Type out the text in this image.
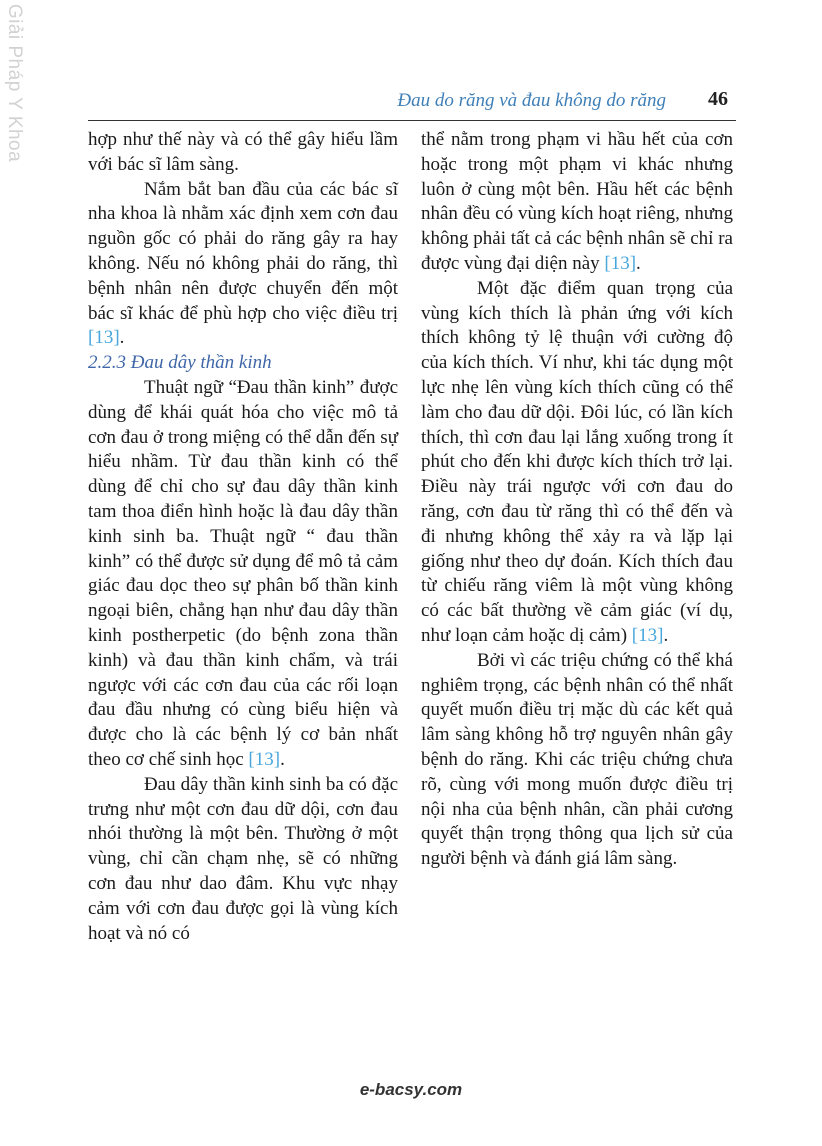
Giải Pháp Y Khoa	Đau do răng và đau không do răng 46

hợp như thế này và có thể gây hiểu lầm với bác sĩ lâm sàng.

Nắm bắt ban đầu của các bác sĩ nha khoa là nhằm xác định xem cơn đau nguồn gốc có phải do răng gây ra hay không. Nếu nó không phải do răng, thì bệnh nhân nên được chuyển đến một bác sĩ khác để phù hợp cho việc điều trị [13].

2.2.3 Đau dây thần kinh

Thuật ngữ “Đau thần kinh” được dùng để khái quát hóa cho việc mô tả cơn đau ở trong miệng có thể dẫn đến sự hiểu nhầm. Từ đau thần kinh có thể dùng để chỉ cho sự đau dây thần kinh tam thoa điển hình hoặc là đau dây thần kinh sinh ba. Thuật ngữ “ đau thần kinh” có thể được sử dụng để mô tả cảm giác đau dọc theo sự phân bố thần kinh ngoại biên, chẳng hạn như đau dây thần kinh postherpetic (do bệnh zona thần kinh) và đau thần kinh chẩm, và trái ngược với các cơn đau của các rối loạn đau đầu nhưng có cùng biểu hiện và được cho là các bệnh lý cơ bản nhất theo cơ chế sinh học [13].

Đau dây thần kinh sinh ba có đặc trưng như một cơn đau dữ dội, cơn đau nhói thường là một bên. Thường ở một vùng, chỉ cần chạm nhẹ, sẽ có những cơn đau như dao đâm. Khu vực nhạy cảm với cơn đau được gọi là vùng kích hoạt và nó có

thể nằm trong phạm vi hầu hết của cơn hoặc trong một phạm vi khác nhưng luôn ở cùng một bên. Hầu hết các bệnh nhân đều có vùng kích hoạt riêng, nhưng không phải tất cả các bệnh nhân sẽ chỉ ra được vùng đại diện này [13].

Một đặc điểm quan trọng của vùng kích thích là phản ứng với kích thích không tỷ lệ thuận với cường độ của kích thích. Ví như, khi tác dụng một lực nhẹ lên vùng kích thích cũng có thể làm cho đau dữ dội. Đôi lúc, có lần kích thích, thì cơn đau lại lắng xuống trong ít phút cho đến khi được kích thích trở lại. Điều này trái ngược với cơn đau do răng, cơn đau từ răng thì có thể đến và đi nhưng không thể xảy ra và lặp lại giống như theo dự đoán. Kích thích đau từ chiếu răng viêm là một vùng không có các bất thường về cảm giác (ví dụ, như loạn cảm hoặc dị cảm) [13].

Bởi vì các triệu chứng có thể khá nghiêm trọng, các bệnh nhân có thể nhất quyết muốn điều trị mặc dù các kết quả lâm sàng không hỗ trợ nguyên nhân gây bệnh do răng. Khi các triệu chứng chưa rõ, cùng với mong muốn được điều trị nội nha của bệnh nhân, cần phải cương quyết thận trọng thông qua lịch sử của người bệnh và đánh giá lâm sàng.

e-bacsy.com
